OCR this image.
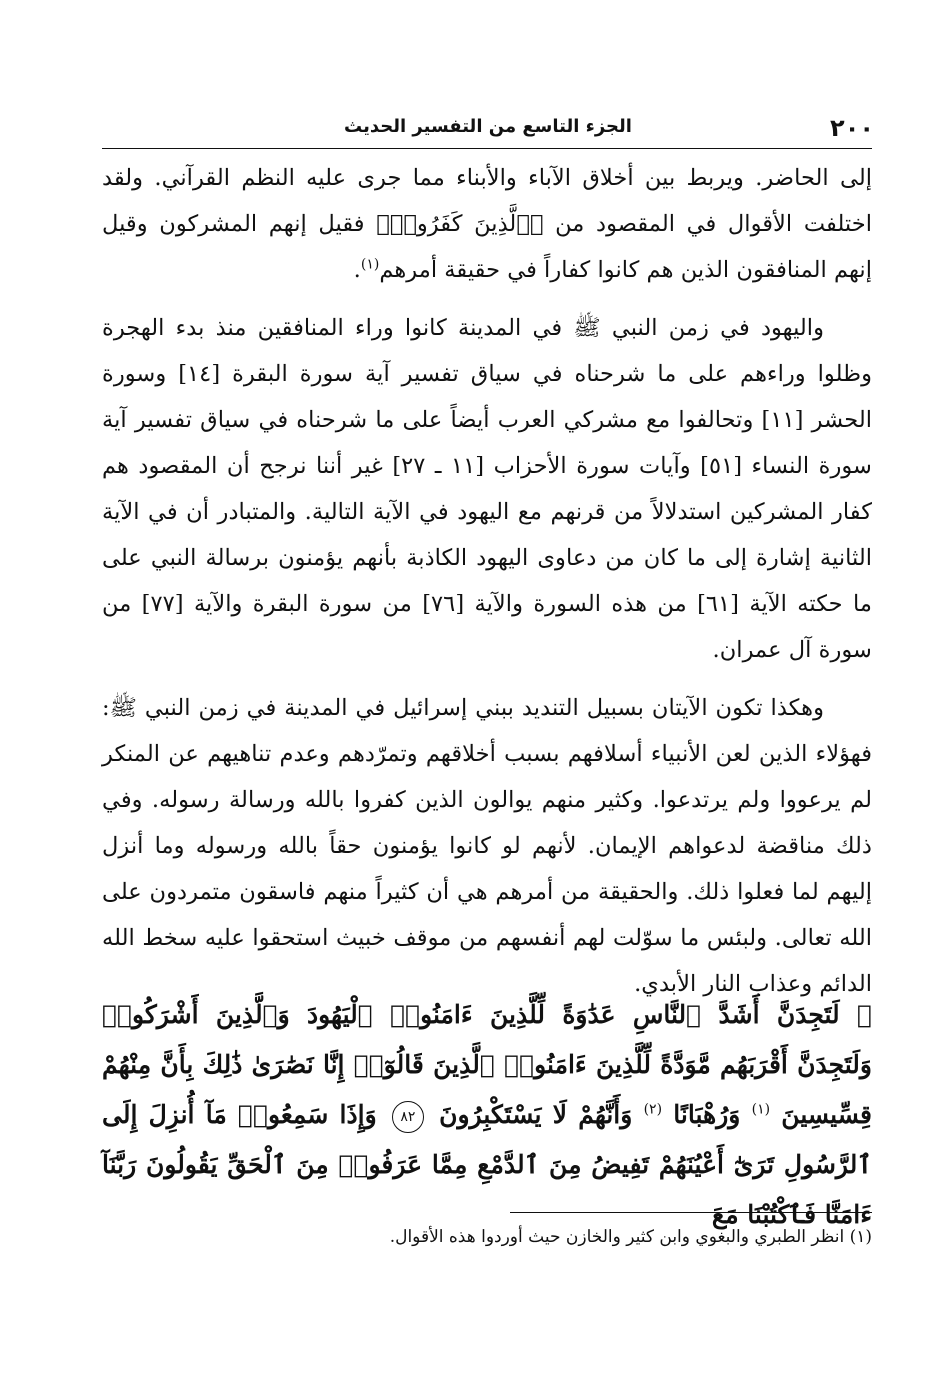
٢٠٠
الجزء التاسع من التفسير الحديث

إلى الحاضر. ويربط بين أخلاق الآباء والأبناء مما جرى عليه النظم القرآني. ولقد اختلفت الأقوال في المقصود من ﴿ٱلَّذِينَ كَفَرُوا۟﴾ فقيل إنهم المشركون وقيل إنهم المنافقون الذين هم كانوا كفاراً في حقيقة أمرهم$^{(١)}$.

واليهود في زمن النبي ﷺ في المدينة كانوا وراء المنافقين منذ بدء الهجرة وظلوا وراءهم على ما شرحناه في سياق تفسير آية سورة البقرة [١٤] وسورة الحشر [١١] وتحالفوا مع مشركي العرب أيضاً على ما شرحناه في سياق تفسير آية سورة النساء [٥١] وآيات سورة الأحزاب [١١ ـ ٢٧] غير أننا نرجح أن المقصود هم كفار المشركين استدلالاً من قرنهم مع اليهود في الآية التالية. والمتبادر أن في الآية الثانية إشارة إلى ما كان من دعاوى اليهود الكاذبة بأنهم يؤمنون برسالة النبي على ما حكته الآية [٦١] من هذه السورة والآية [٧٦] من سورة البقرة والآية [٧٧] من سورة آل عمران.

وهكذا تكون الآيتان بسبيل التنديد ببني إسرائيل في المدينة في زمن النبي ﷺ: فهؤلاء الذين لعن الأنبياء أسلافهم بسبب أخلاقهم وتمرّدهم وعدم تناهيهم عن المنكر لم يرعووا ولم يرتدعوا. وكثير منهم يوالون الذين كفروا بالله ورسالة رسوله. وفي ذلك مناقضة لدعواهم الإيمان. لأنهم لو كانوا يؤمنون حقاً بالله ورسوله وما أنزل إليهم لما فعلوا ذلك. والحقيقة من أمرهم هي أن كثيراً منهم فاسقون متمردون على الله تعالى. ولبئس ما سوّلت لهم أنفسهم من موقف خبيث استحقوا عليه سخط الله الدائم وعذاب النار الأبدي.

﴿ لَتَجِدَنَّ أَشَدَّ ٱلنَّاسِ عَدَٰوَةً لِّلَّذِينَ ءَامَنُوا۟ ٱلْيَهُودَ وَٱلَّذِينَ أَشْرَكُوا۟ وَلَتَجِدَنَّ أَقْرَبَهُم مَّوَدَّةً لِّلَّذِينَ ءَامَنُوا۟ ٱلَّذِينَ قَالُوٓا۟ إِنَّا نَصَٰرَىٰ ذَٰلِكَ بِأَنَّ مِنْهُمْ قِسِّيسِينَ $^{(١)}$ وَرُهْبَانًا $^{(٢)}$ وَأَنَّهُمْ لَا يَسْتَكْبِرُونَ ٨٢ وَإِذَا سَمِعُوا۟ مَآ أُنزِلَ إِلَى ٱلرَّسُولِ تَرَىٰٓ أَعْيُنَهُمْ تَفِيضُ مِنَ ٱلدَّمْعِ مِمَّا عَرَفُوا۟ مِنَ ٱلْحَقِّ يَقُولُونَ رَبَّنَآ ءَامَنَّا فَٱكْتُبْنَا مَعَ
(١) انظر الطبري والبغوي وابن كثير والخازن حيث أوردوا هذه الأقوال.
